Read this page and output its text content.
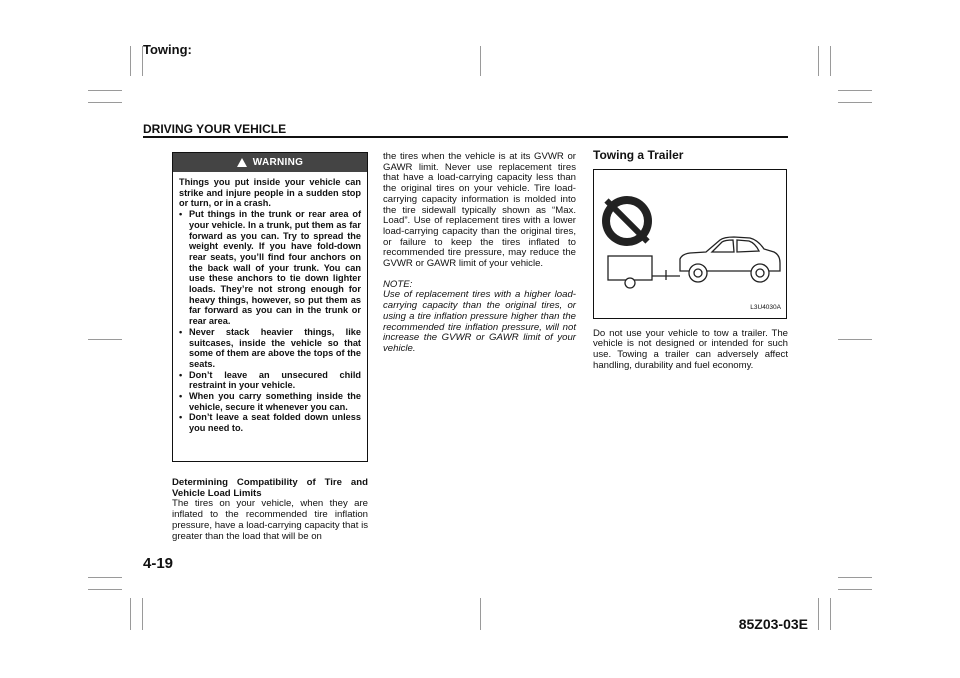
Towing:
DRIVING YOUR VEHICLE
WARNING

Things you put inside your vehicle can strike and injure people in a sudden stop or turn, or in a crash.

• Put things in the trunk or rear area of your vehicle. In a trunk, put them as far forward as you can. Try to spread the weight evenly. If you have fold-down rear seats, you’ll find four anchors on the back wall of your trunk. You can use these anchors to tie down lighter loads. They’re not strong enough for heavy things, however, so put them as far forward as you can in the trunk or rear area.
• Never stack heavier things, like suitcases, inside the vehicle so that some of them are above the tops of the seats.
• Don’t leave an unsecured child restraint in your vehicle.
• When you carry something inside the vehicle, secure it whenever you can.
• Don’t leave a seat folded down unless you need to.

Determining Compatibility of Tire and Vehicle Load Limits

The tires on your vehicle, when they are inflated to the recommended tire inflation pressure, have a load-carrying capacity that is greater than the load that will be on

the tires when the vehicle is at its GVWR or GAWR limit. Never use replacement tires that have a load-carrying capacity less than the original tires on your vehicle. Tire load-carrying capacity information is molded into the tire sidewall typically shown as “Max. Load”. Use of replacement tires with a lower load-carrying capacity than the original tires, or failure to keep the tires inflated to recommended tire pressure, may reduce the GVWR or GAWR limit of your vehicle.

NOTE:

Use of replacement tires with a higher load-carrying capacity than the original tires, or using a tire inflation pressure higher than the recommended tire inflation pressure, will not increase the GVWR or GAWR limit of your vehicle.

Towing a Trailer
L3U4030A

Do not use your vehicle to tow a trailer. The vehicle is not designed or intended for such use. Towing a trailer can adversely affect handling, durability and fuel economy.

4-19
85Z03-03E
